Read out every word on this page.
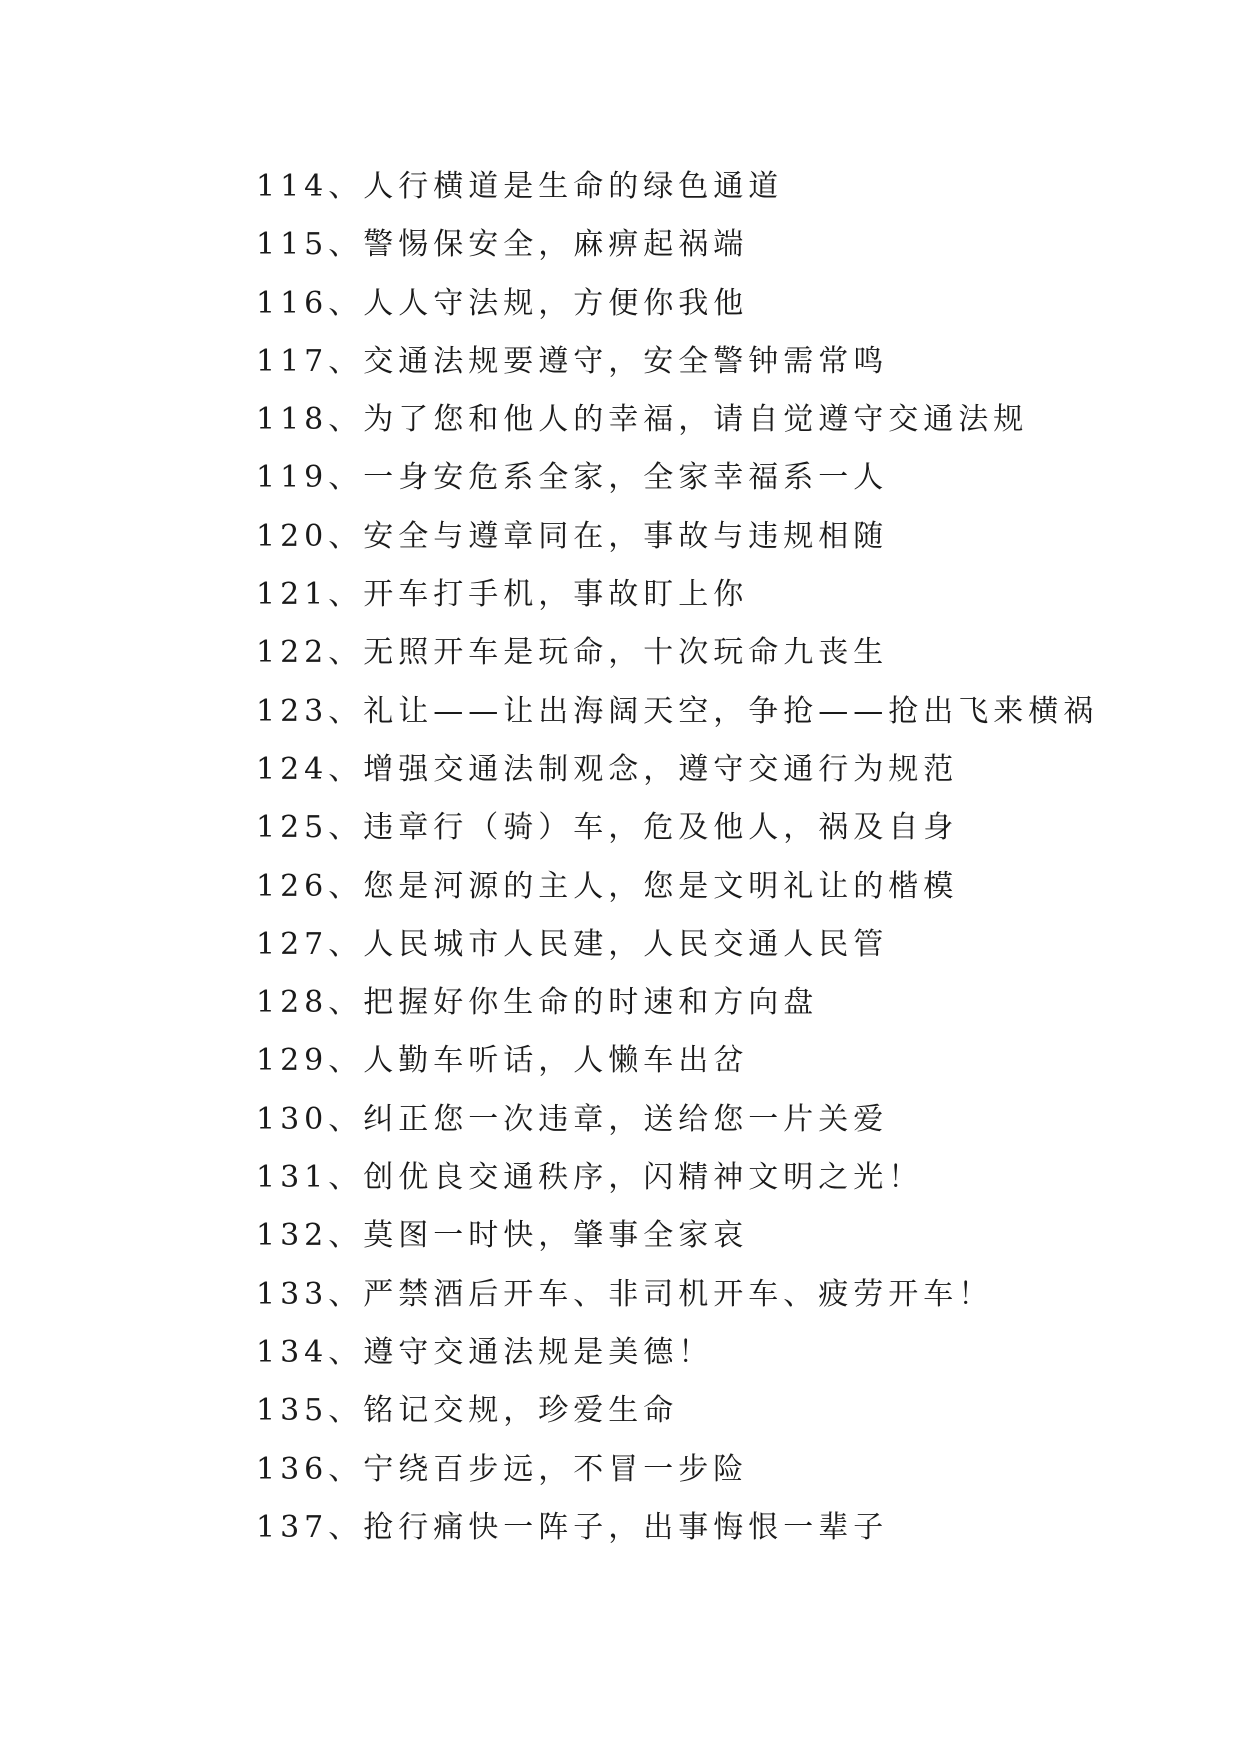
114、人行横道是生命的绿色通道
115、警惕保安全，麻痹起祸端
116、人人守法规，方便你我他
117、交通法规要遵守，安全警钟需常鸣
118、为了您和他人的幸福，请自觉遵守交通法规
119、一身安危系全家，全家幸福系一人
120、安全与遵章同在，事故与违规相随
121、开车打手机，事故盯上你
122、无照开车是玩命，十次玩命九丧生
123、礼让——让出海阔天空，争抢——抢出飞来横祸
124、增强交通法制观念，遵守交通行为规范
125、违章行（骑）车，危及他人，祸及自身
126、您是河源的主人，您是文明礼让的楷模
127、人民城市人民建，人民交通人民管
128、把握好你生命的时速和方向盘
129、人勤车听话，人懒车出岔
130、纠正您一次违章，送给您一片关爱
131、创优良交通秩序，闪精神文明之光！
132、莫图一时快，肇事全家哀
133、严禁酒后开车、非司机开车、疲劳开车！
134、遵守交通法规是美德！
135、铭记交规，珍爱生命
136、宁绕百步远，不冒一步险
137、抢行痛快一阵子，出事悔恨一辈子
